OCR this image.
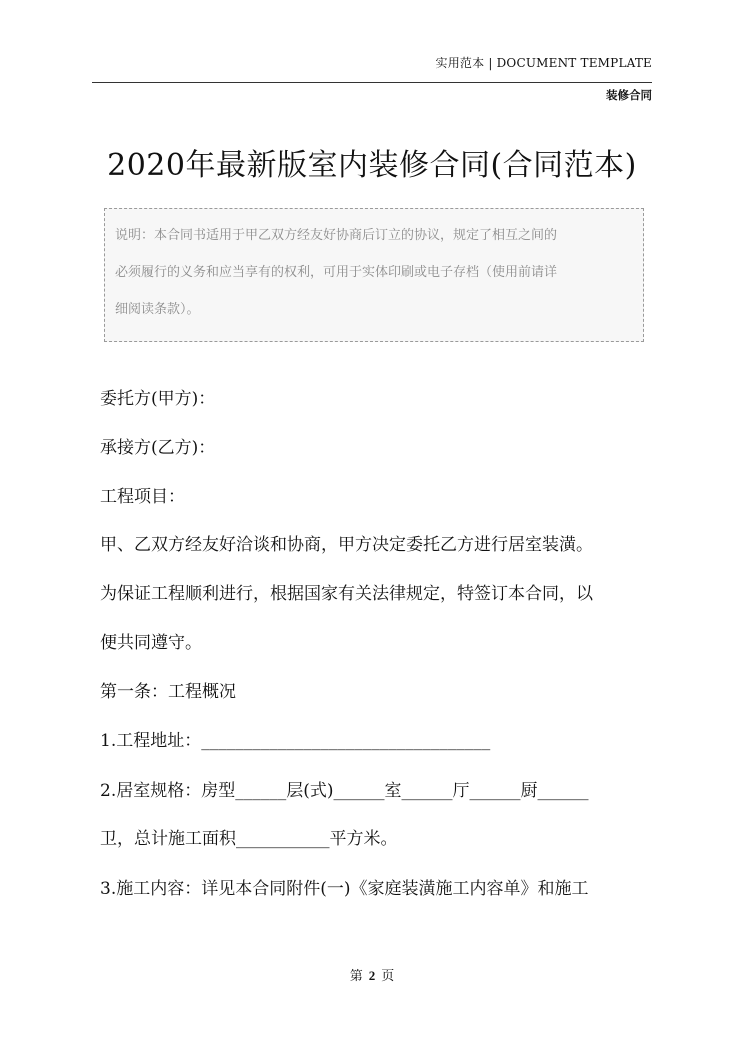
实用范本 | DOCUMENT TEMPLATE
装修合同
2020年最新版室内装修合同(合同范本)
说明：本合同书适用于甲乙双方经友好协商后订立的协议，规定了相互之间的
必须履行的义务和应当享有的权利，可用于实体印刷或电子存档（使用前请详
细阅读条款）。
委托方(甲方)：
承接方(乙方)：
工程项目：
甲、乙双方经友好洽谈和协商，甲方决定委托乙方进行居室装潢。
为保证工程顺利进行，根据国家有关法律规定，特签订本合同，以
便共同遵守。
第一条：工程概况
1.工程地址：__________________________________
2.居室规格：房型______层(式)______室______厅______厨______
卫，总计施工面积___________平方米。
3.施工内容：详见本合同附件(一)《家庭装潢施工内容单》和施工
第 2 页
